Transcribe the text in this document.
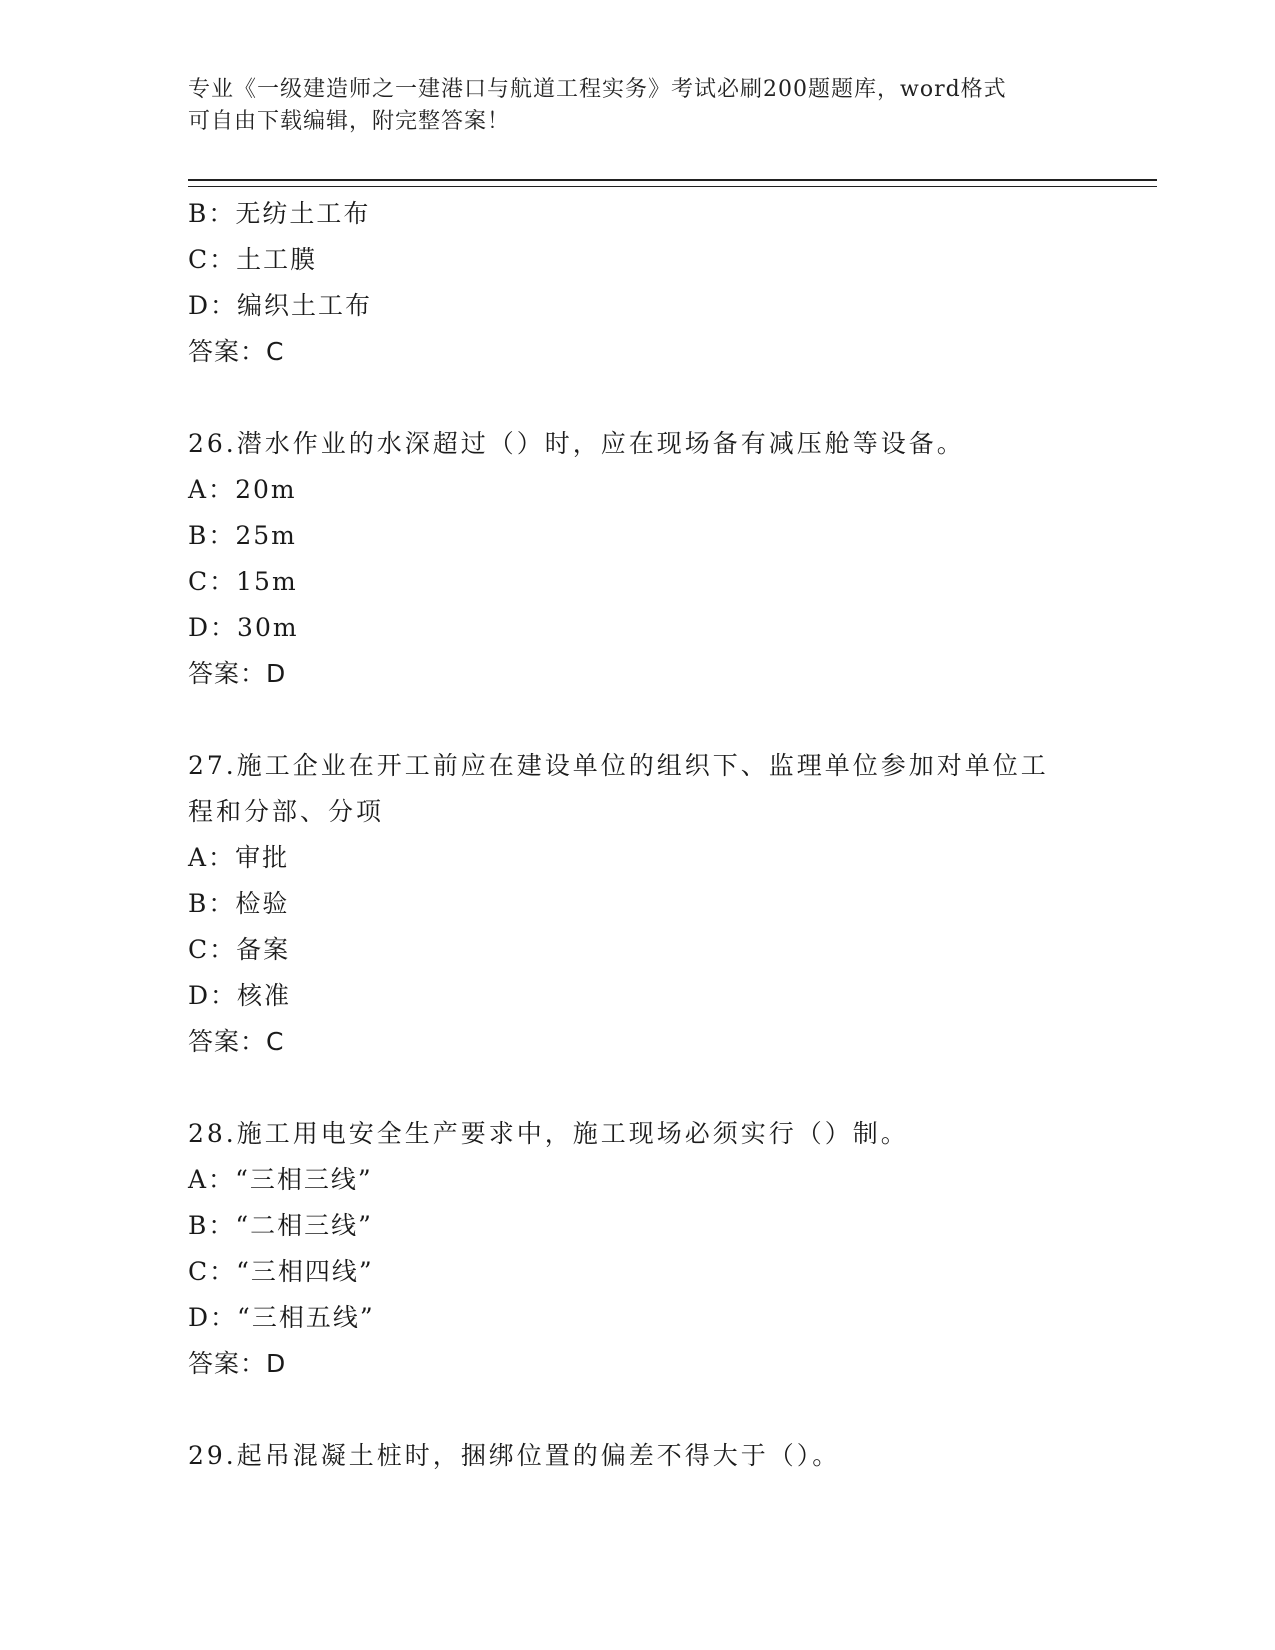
专业《一级建造师之一建港口与航道工程实务》考试必刷200题题库，word格式
可自由下载编辑，附完整答案！
B：无纺土工布
C：土工膜
D：编织土工布
答案：C
26.潜水作业的水深超过（）时，应在现场备有减压舱等设备。
A：20m
B：25m
C：15m
D：30m
答案：D
27.施工企业在开工前应在建设单位的组织下、监理单位参加对单位工
程和分部、分项
A：审批
B：检验
C：备案
D：核准
答案：C
28.施工用电安全生产要求中，施工现场必须实行（）制。
A：“三相三线”
B：“二相三线”
C：“三相四线”
D：“三相五线”
答案：D
29.起吊混凝土桩时，捆绑位置的偏差不得大于（）。
